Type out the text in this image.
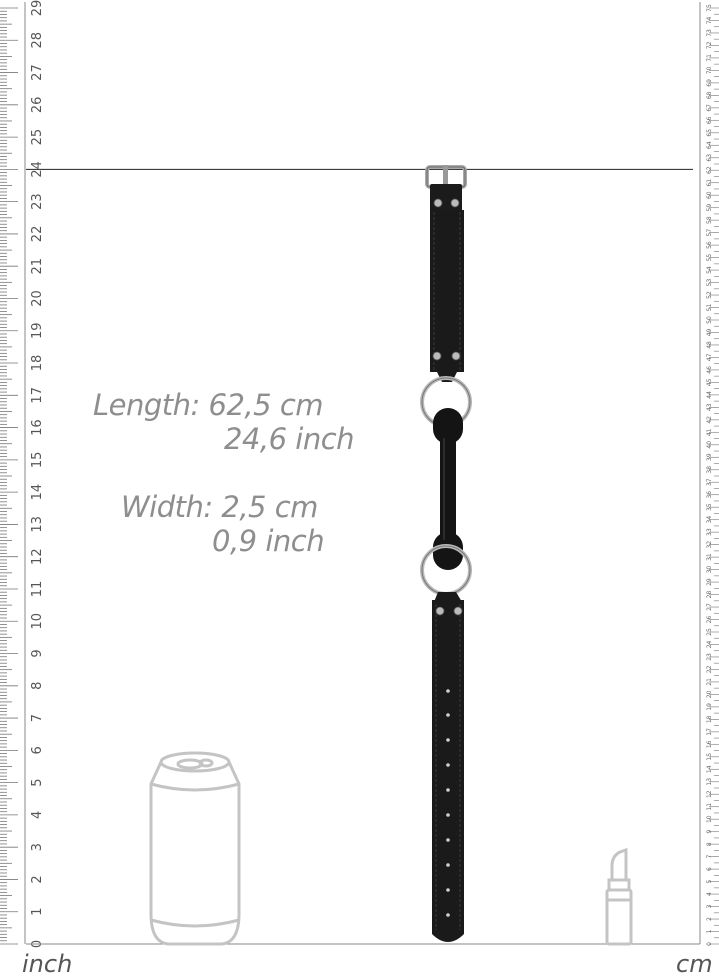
0
1
2
3
4
5
6
7
8
9
10
11
12
13
14
15
16
17
18
19
20
21
22
23
24
25
26
27
28
29
0
1
2
3
4
5
6
7
8
9
10
11
12
13
14
15
16
17
18
19
20
21
22
23
24
25
26
27
28
29
30
31
32
33
34
35
36
37
38
39
40
41
42
43
44
45
46
47
48
49
50
51
52
53
54
55
56
57
58
59
60
61
62
63
64
65
66
67
68
69
70
71
72
73
74
75
Length: 62,5 cm
24,6 inch
Width: 2,5 cm
0,9 inch
inch	cm
